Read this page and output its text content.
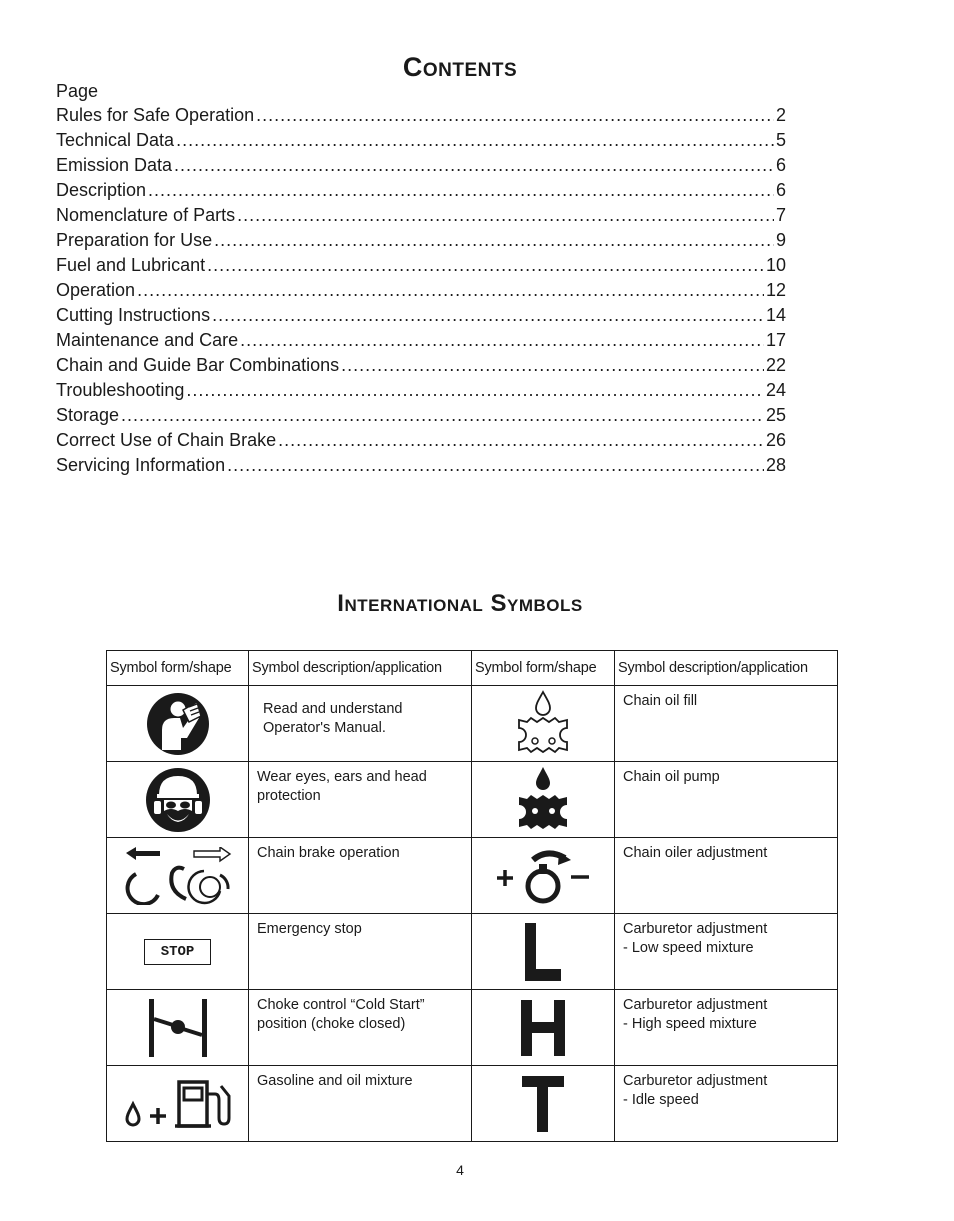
Contents
Page
Rules for Safe Operation .....	2
Technical Data .....	5
Emission Data .....	6
Description .....	6
Nomenclature of Parts .....	7
Preparation for Use .....	9
Fuel and Lubricant .....	10
Operation .....	12
Cutting Instructions .....	14
Maintenance and Care .....	17
Chain and Guide Bar Combinations .....	22
Troubleshooting .....	24
Storage .....	25
Correct Use of Chain Brake .....	26
Servicing Information .....	28
International Symbols
Symbol form/shape	Symbol description/application	Symbol form/shape	Symbol description/application

Read and understand Operator's Manual.		Chain oil fill

Wear eyes, ears and head protection		Chain oil pump

Chain brake operation		Chain oiler adjustment

STOP	Emergency stop		Carburetor adjustment
- Low speed mixture

Choke control “Cold Start” position (choke closed)		Carburetor adjustment
- High speed mixture

Gasoline and oil mixture		Carburetor adjustment
- Idle speed
4
